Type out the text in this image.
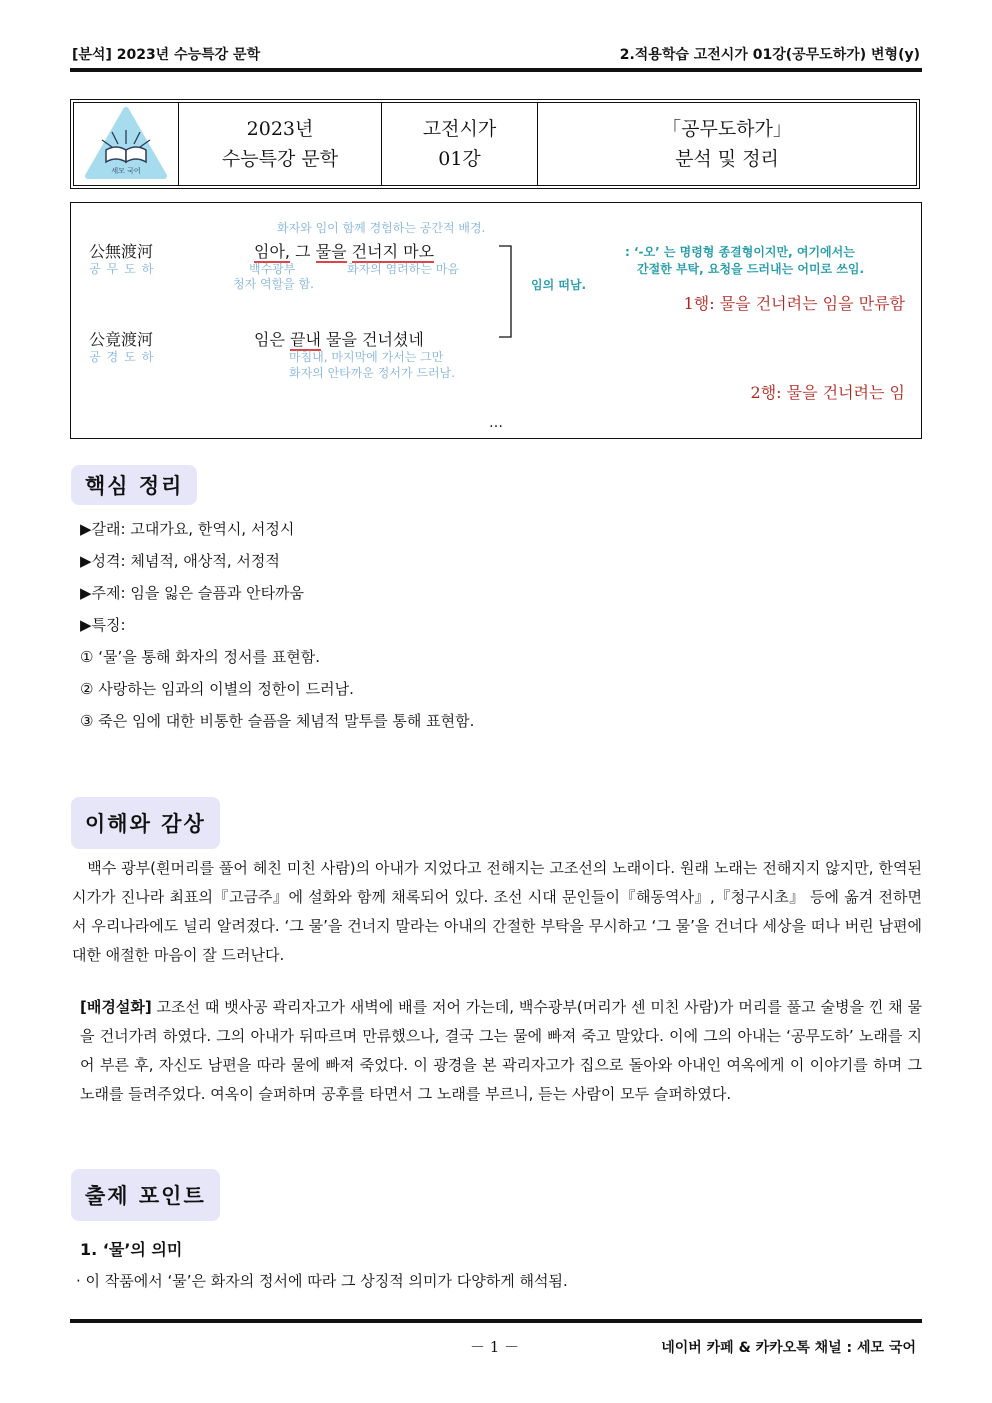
[분석] 2023년 수능특강 문학	2.적용학습 고전시가 01강(공무도하가) 변형(y)
세모 국어
2023년
수능특강 문학
고전시가
01강
「공무도하가」
분석 및 정리
화자와 임이 함께 경험하는 공간적 배경.
公無渡河
공무도하
임아, 그 물을 건너지 마오
백수광부
청자 역할을 함.
화자의 염려하는 마음
임의 떠남.
: ‘-오’ 는 명령형 종결형이지만, 여기에서는
간절한 부탁, 요청을 드러내는 어미로 쓰임.
1행: 물을 건너려는 임을 만류함
公竟渡河
공경도하
임은 끝내 물을 건너셨네
마침내, 마지막에 가서는 그만
화자의 안타까운 정서가 드러남.
2행: 물을 건너려는 임
…
핵심 정리
▶갈래: 고대가요, 한역시, 서정시
▶성격: 체념적, 애상적, 서정적
▶주제: 임을 잃은 슬픔과 안타까움
▶특징:
① ‘물’을 통해 화자의 정서를 표현함.
② 사랑하는 임과의 이별의 정한이 드러남.
③ 죽은 임에 대한 비통한 슬픔을 체념적 말투를 통해 표현함.
이해와 감상
　백수 광부(흰머리를 풀어 헤친 미친 사람)의 아내가 지었다고 전해지는 고조선의 노래이다. 원래 노래는 전해지지 않지만, 한역된 시가가 진나라 최표의『고금주』에 설화와 함께 채록되어 있다. 조선 시대 문인들이『해동역사』,『청구시초』 등에 옮겨 전하면서 우리나라에도 널리 알려졌다. ‘그 물’을 건너지 말라는 아내의 간절한 부탁을 무시하고 ‘그 물’을 건너다 세상을 떠나 버린 남편에 대한 애절한 마음이 잘 드러난다.
[배경설화] 고조선 때 뱃사공 곽리자고가 새벽에 배를 저어 가는데, 백수광부(머리가 센 미친 사람)가 머리를 풀고 술병을 낀 채 물을 건너가려 하였다. 그의 아내가 뒤따르며 만류했으나, 결국 그는 물에 빠져 죽고 말았다. 이에 그의 아내는 ‘공무도하’ 노래를 지어 부른 후, 자신도 남편을 따라 물에 빠져 죽었다. 이 광경을 본 곽리자고가 집으로 돌아와 아내인 여옥에게 이 이야기를 하며 그 노래를 들려주었다. 여옥이 슬퍼하며 공후를 타면서 그 노래를 부르니, 듣는 사람이 모두 슬퍼하였다.
출제 포인트
1. ‘물’의 의미
· 이 작품에서 ‘물’은 화자의 정서에 따라 그 상징적 의미가 다양하게 해석됨.
－ 1 －	네이버 카페 & 카카오톡 채널 : 세모 국어
